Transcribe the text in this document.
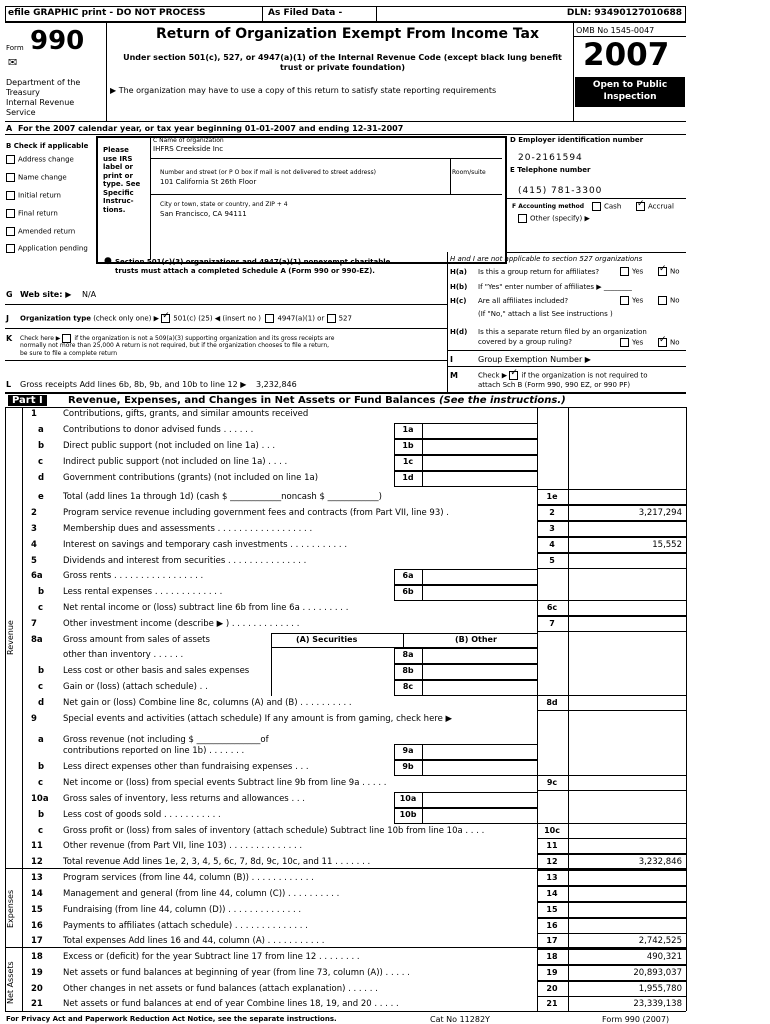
efile GRAPHIC print - DO NOT PROCESS	As Filed Data -	DLN: 93490127010688
Form 990
✉
Department of the
Treasury
Internal Revenue
Service
Return of Organization Exempt From Income Tax
Under section 501(c), 527, or 4947(a)(1) of the Internal Revenue Code (except black lung benefit trust or private foundation)
▶ The organization may have to use a copy of this return to satisfy state reporting requirements
OMB No 1545-0047
2007
Open to Public
Inspection
A For the 2007 calendar year, or tax year beginning 01-01-2007 and ending 12-31-2007
B Check if applicable
Address change
Name change
Initial return
Final return
Amended return
Application pending
Please
use IRS
label or
print or
type. See
Specific
Instruc-
tions.
C Name of organization
IHFRS Creekside Inc
Number and street (or P O box if mail is not delivered to street address)	Room/suite
101 California St 26th Floor
City or town, state or country, and ZIP + 4
San Francisco, CA 94111
D Employer identification number
20-2161594
E Telephone number
(415) 781-3300
F Accounting method	Cash ✓	Accrual
Other (specify) ▶
● Section 501(c)(3) organizations and 4947(a)(1) nonexempt charitable
trusts must attach a completed Schedule A (Form 990 or 990-EZ).
H and I are not applicable to section 527 organizations
H(a) Is this a group return for affiliates?	Yes ✓	No
H(b) If "Yes" enter number of affiliates ▶ ________
H(c) Are all affiliates included?	Yes	No
(If "No," attach a list See instructions )
H(d) Is this a separate return filed by an organization
covered by a group ruling?	Yes ✓	No
I	Group Exemption Number ▶
M	Check ▶ ✓if the organization is not required to
attach Sch B (Form 990, 990 EZ, or 990 PF)
G Web site: ▶ N/A
J Organization type (check only one) ▶ ✓501(c) (25) ◀ (insert no ) 4947(a)(1) or 527
K Check here ▶ if the organization is not a 509(a)(3) supporting organization and its gross receipts are
normally not more than 25,000 A return is not required, but if the organization chooses to file a return,
be sure to file a complete return
L Gross receipts Add lines 6b, 8b, 9b, and 10b to line 12 ▶ 3,232,846
Part I	Revenue, Expenses, and Changes in Net Assets or Fund Balances (See the instructions.)
Revenue
Expenses
Net Assets
(A) Securities	(B) Other
1	Contributions, gifts, grants, and similar amounts received
a Contributions to donor advised funds . . . . . .	1a
b Direct public support (not included on line 1a) . . .	1b
c Indirect public support (not included on line 1a) . . . .	1c
d Government contributions (grants) (not included on line 1a)	1d
e Total (add lines 1a through 1d) (cash $ ____________noncash $ ____________)	1e
2	Program service revenue including government fees and contracts (from Part VII, line 93) .	2	3,217,294
3	Membership dues and assessments . . . . . . . . . . . . . . . . . .	3
4	Interest on savings and temporary cash investments . . . . . . . . . . .	4	15,552
5	Dividends and interest from securities . . . . . . . . . . . . . . .	5
6a Gross rents . . . . . . . . . . . . . . . . .	6a
b Less rental expenses . . . . . . . . . . . . .	6b
c Net rental income or (loss) subtract line 6b from line 6a . . . . . . . . .	6c
7	Other investment income (describe ▶ ) . . . . . . . . . . . . .	7
8a Gross amount from sales of assets
other than inventory . . . . . .	8a
b Less cost or other basis and sales expenses	8b
c Gain or (loss) (attach schedule) . .	8c
d Net gain or (loss) Combine line 8c, columns (A) and (B) . . . . . . . . . .	8d
9	Special events and activities (attach schedule) If any amount is from gaming, check here ▶
a Gross revenue (not including $ _______________of
contributions reported on line 1b) . . . . . . .	9a
b Less direct expenses other than fundraising expenses . . .	9b
c Net income or (loss) from special events Subtract line 9b from line 9a . . . . .	9c
10a Gross sales of inventory, less returns and allowances . . .	10a
b Less cost of goods sold . . . . . . . . . . .	10b
c Gross profit or (loss) from sales of inventory (attach schedule) Subtract line 10b from line 10a . . . .	10c
11 Other revenue (from Part VII, line 103) . . . . . . . . . . . . . .	11
12 Total revenue Add lines 1e, 2, 3, 4, 5, 6c, 7, 8d, 9c, 10c, and 11 . . . . . . .	12	3,232,846
13 Program services (from line 44, column (B)) . . . . . . . . . . . .	13
14 Management and general (from line 44, column (C)) . . . . . . . . . .	14
15 Fundraising (from line 44, column (D)) . . . . . . . . . . . . . .	15
16 Payments to affiliates (attach schedule) . . . . . . . . . . . . . .	16
17 Total expenses Add lines 16 and 44, column (A) . . . . . . . . . . .	17	2,742,525
18 Excess or (deficit) for the year Subtract line 17 from line 12 . . . . . . . .	18	490,321
19 Net assets or fund balances at beginning of year (from line 73, column (A)) . . . . .	19	20,893,037
20 Other changes in net assets or fund balances (attach explanation) . . . . . .	20	1,955,780
21 Net assets or fund balances at end of year Combine lines 18, 19, and 20 . . . . .	21	23,339,138
For Privacy Act and Paperwork Reduction Act Notice, see the separate instructions.	Cat No 11282Y	Form 990 (2007)
